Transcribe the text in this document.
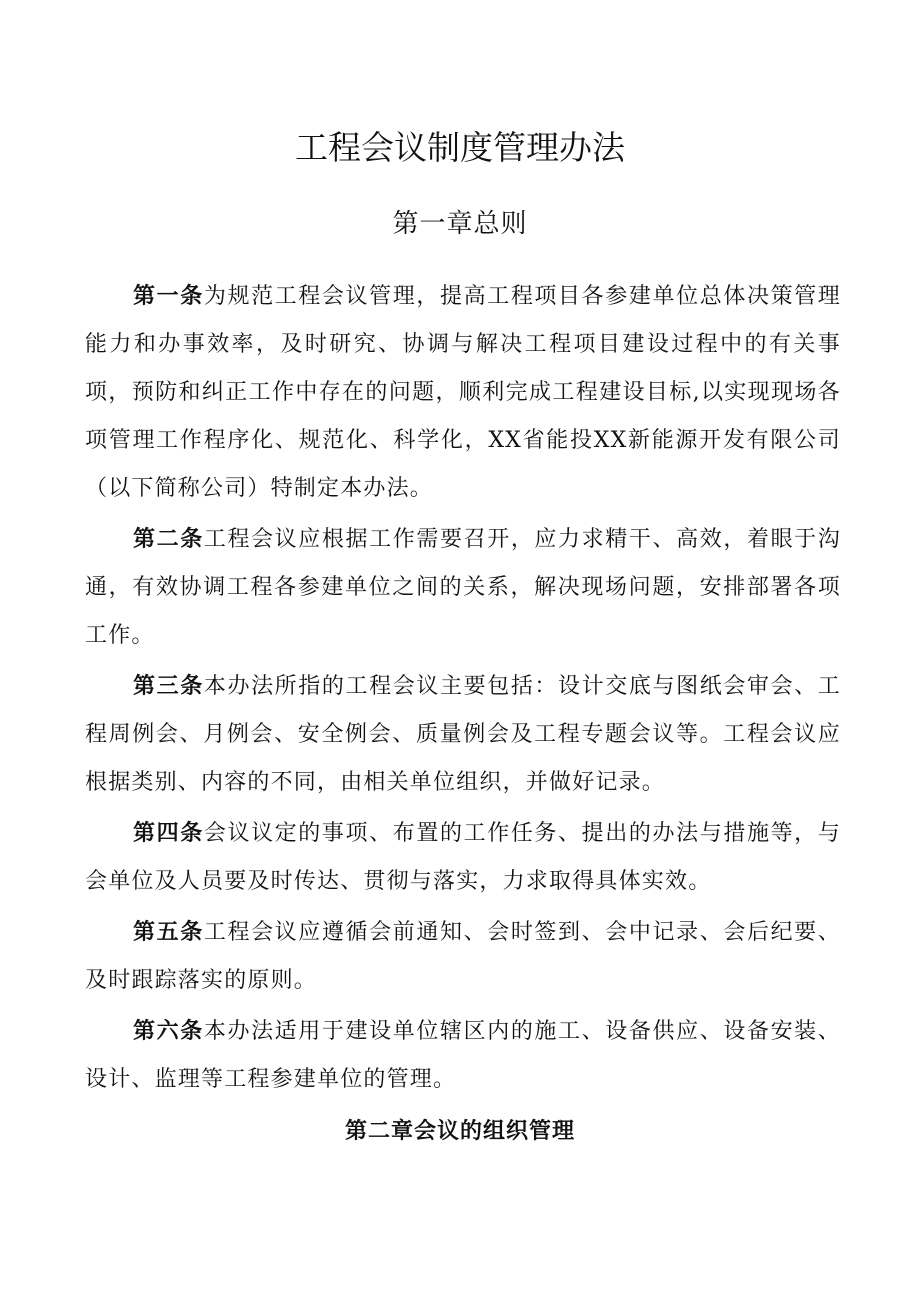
工程会议制度管理办法
第一章总则

第一条为规范工程会议管理，提高工程项目各参建单位总体决策管理能力和办事效率，及时研究、协调与解决工程项目建设过程中的有关事项，预防和纠正工作中存在的问题，顺利完成工程建设目标,以实现现场各项管理工作程序化、规范化、科学化，XX省能投XX新能源开发有限公司（以下简称公司）特制定本办法。

第二条工程会议应根据工作需要召开，应力求精干、高效，着眼于沟通，有效协调工程各参建单位之间的关系，解决现场问题，安排部署各项工作。

第三条本办法所指的工程会议主要包括：设计交底与图纸会审会、工程周例会、月例会、安全例会、质量例会及工程专题会议等。工程会议应根据类别、内容的不同，由相关单位组织，并做好记录。

第四条会议议定的事项、布置的工作任务、提出的办法与措施等，与会单位及人员要及时传达、贯彻与落实，力求取得具体实效。

第五条工程会议应遵循会前通知、会时签到、会中记录、会后纪要、及时跟踪落实的原则。

第六条本办法适用于建设单位辖区内的施工、设备供应、设备安装、设计、监理等工程参建单位的管理。

第二章会议的组织管理
